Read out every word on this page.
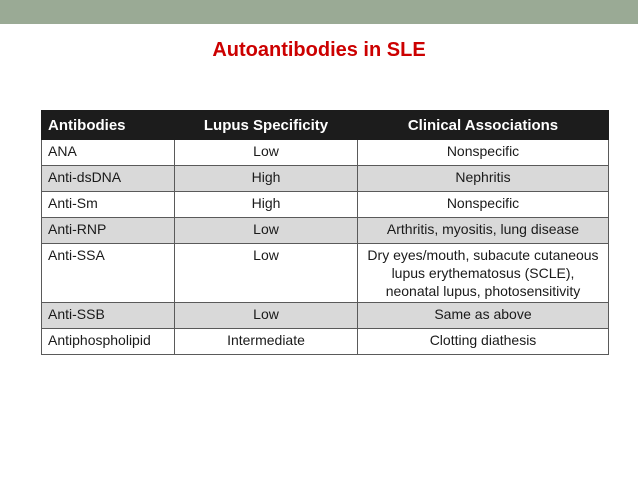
Autoantibodies in SLE
Antibodies	Lupus Specificity	Clinical Associations
ANA	Low	Nonspecific
Anti-dsDNA	High	Nephritis
Anti-Sm	High	Nonspecific
Anti-RNP	Low	Arthritis, myositis, lung disease
Anti-SSA	Low	Dry eyes/mouth, subacute cutaneous lupus erythematosus (SCLE), neonatal lupus, photosensitivity
Anti-SSB	Low	Same as above
Antiphospholipid	Intermediate	Clotting diathesis
